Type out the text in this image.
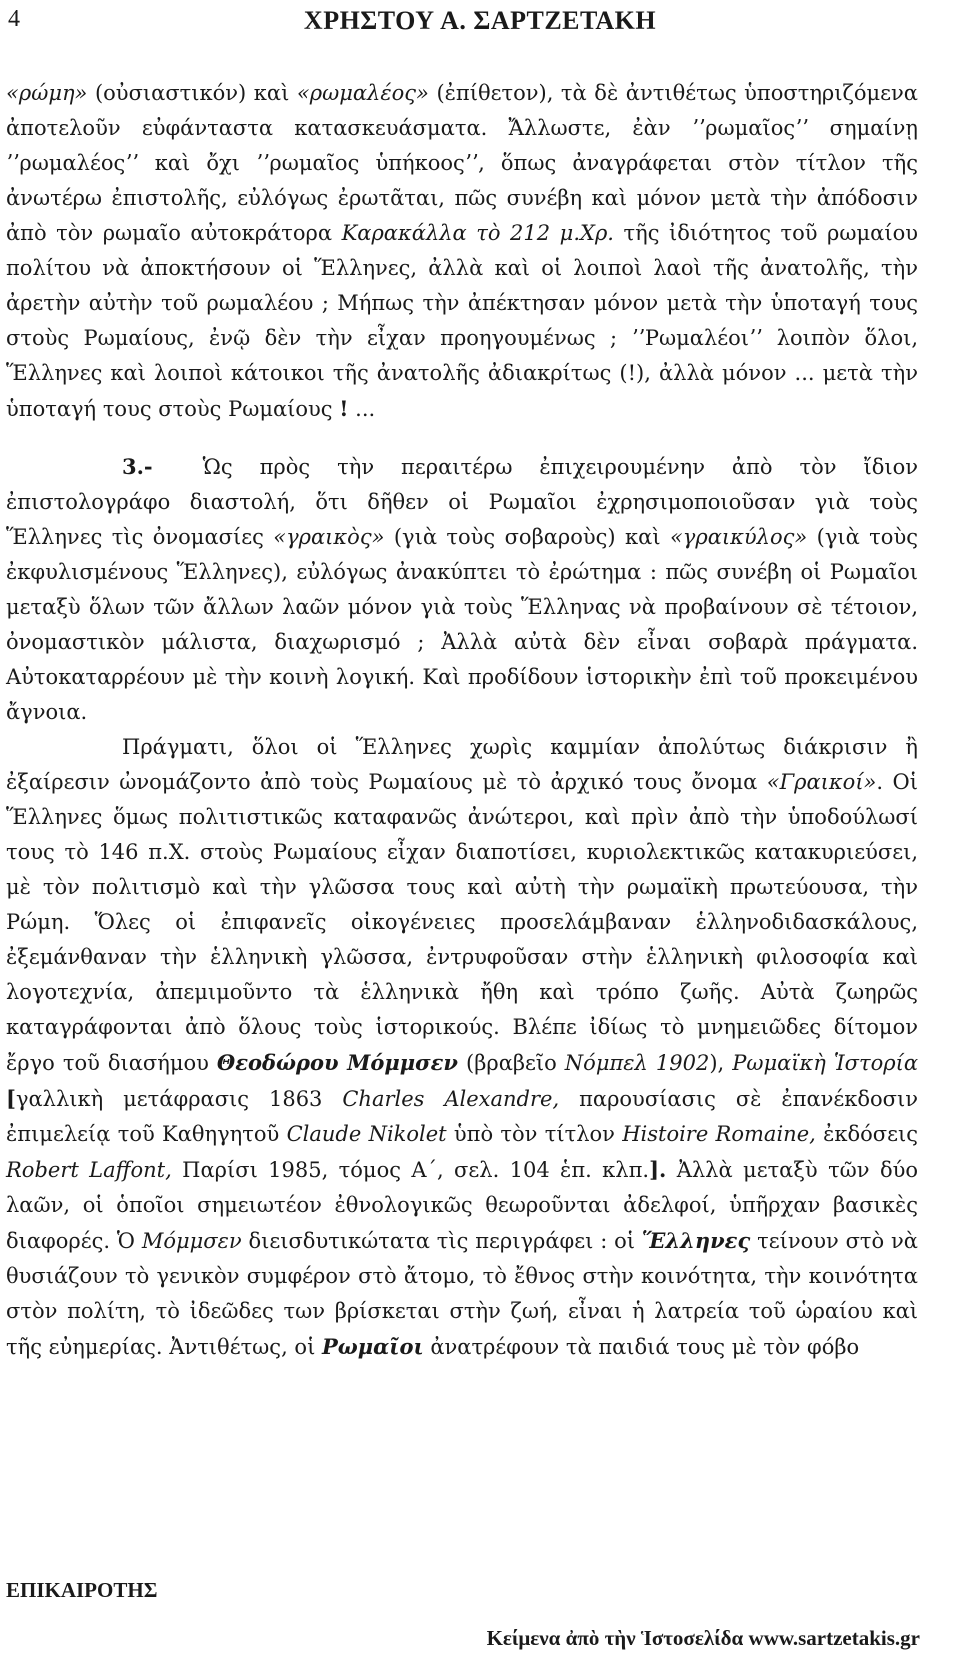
4	ΧΡΗΣΤΟΥ Α. ΣΑΡΤΖΕΤΑΚΗ

«ρώμη» (οὐσιαστικόν) καὶ «ρωμαλέος» (ἐπίθετον), τὰ δὲ ἀντιθέτως ὑποστηριζόμενα ἀποτελοῦν εὐφάνταστα κατασκευάσματα. Ἄλλωστε, ἐὰν ʼʼρωμαῖοςʼʼ σημαίνῃ ʼʼρωμαλέοςʼʼ καὶ ὄχι ʼʼρωμαῖος ὑπήκοοςʼʼ, ὅπως ἀναγράφεται στὸν τίτλον τῆς ἀνωτέρω ἐπιστολῆς, εὐλόγως ἐρωτᾶται, πῶς συνέβη καὶ μόνον μετὰ τὴν ἀπόδοσιν ἀπὸ τὸν ρωμαῖο αὐτοκράτορα Καρακάλλα τὸ 212 μ.Χρ. τῆς ἰδιότητος τοῦ ρωμαίου πολίτου νὰ ἀποκτήσουν οἱ Ἕλληνες, ἀλλὰ καὶ οἱ λοιποὶ λαοὶ τῆς ἀνατολῆς, τὴν ἀρετὴν αὐτὴν τοῦ ρωμαλέου ; Μήπως τὴν ἀπέκτησαν μόνον μετὰ τὴν ὑποταγή τους στοὺς Ρωμαίους, ἐνῷ δὲν τὴν εἶχαν προηγουμένως ; ʼʼΡωμαλέοιʼʼ λοιπὸν ὅλοι, Ἕλληνες καὶ λοιποὶ κάτοικοι τῆς ἀνατολῆς ἀδιακρίτως (!), ἀλλὰ μόνον ... μετὰ τὴν ὑποταγή τους στοὺς Ρωμαίους ! ...

3.- Ὡς πρὸς τὴν περαιτέρω ἐπιχειρουμένην ἀπὸ τὸν ἴδιον ἐπιστολογράφο διαστολή, ὅτι δῆθεν οἱ Ρωμαῖοι ἐχρησιμοποιοῦσαν γιὰ τοὺς Ἕλληνες τὶς ὀνομασίες «γραικὸς» (γιὰ τοὺς σοβαροὺς) καὶ «γραικύλος» (γιὰ τοὺς ἐκφυλισμένους Ἕλληνες), εὐλόγως ἀνακύπτει τὸ ἐρώτημα : πῶς συνέβη οἱ Ρωμαῖοι μεταξὺ ὅλων τῶν ἄλλων λαῶν μόνον γιὰ τοὺς Ἕλληνας νὰ προβαίνουν σὲ τέτοιον, ὀνομαστικὸν μάλιστα, διαχωρισμό ; Ἀλλὰ αὐτὰ δὲν εἶναι σοβαρὰ πράγματα. Αὐτοκαταρρέουν μὲ τὴν κοινὴ λογική. Καὶ προδίδουν ἱστορικὴν ἐπὶ τοῦ προκειμένου ἄγνοια.

Πράγματι, ὅλοι οἱ Ἕλληνες χωρὶς καμμίαν ἀπολύτως διάκρισιν ἢ ἐξαίρεσιν ὠνομάζοντο ἀπὸ τοὺς Ρωμαίους μὲ τὸ ἀρχικό τους ὄνομα «Γραικοί». Οἱ Ἕλληνες ὅμως πολιτιστικῶς καταφανῶς ἀνώτεροι, καὶ πρὶν ἀπὸ τὴν ὑποδούλωσί τους τὸ 146 π.Χ. στοὺς Ρωμαίους εἶχαν διαποτίσει, κυριολεκτικῶς κατακυριεύσει, μὲ τὸν πολιτισμὸ καὶ τὴν γλῶσσα τους καὶ αὐτὴ τὴν ρωμαϊκὴ πρωτεύουσα, τὴν Ρώμη. Ὅλες οἱ ἐπιφανεῖς οἰκογένειες προσελάμβαναν ἑλληνοδιδασκάλους, ἐξεμάνθαναν τὴν ἑλληνικὴ γλῶσσα, ἐντρυφοῦσαν στὴν ἑλληνικὴ φιλοσοφία καὶ λογοτεχνία, ἀπεμιμοῦντο τὰ ἑλληνικὰ ἤθη καὶ τρόπο ζωῆς. Αὐτὰ ζωηρῶς καταγράφονται ἀπὸ ὅλους τοὺς ἱστορικούς. Βλέπε ἰδίως τὸ μνημειῶδες δίτομον ἔργο τοῦ διασήμου Θεοδώρου Μόμμσεν (βραβεῖο Νόμπελ 1902), Ρωμαϊκὴ Ἱστορία [γαλλικὴ μετάφρασις 1863 Charles Alexandre, παρουσίασις σὲ ἐπανέκδοσιν ἐπιμελείᾳ τοῦ Καθηγητοῦ Claude Nikolet ὑπὸ τὸν τίτλον Histoire Romaine, ἐκδόσεις Robert Laffont, Παρίσι 1985, τόμος Α΄, σελ. 104 ἑπ. κλπ.]. Ἀλλὰ μεταξὺ τῶν δύο λαῶν, οἱ ὁποῖοι σημειωτέον ἐθνολογικῶς θεωροῦνται ἀδελφοί, ὑπῆρχαν βασικὲς διαφορές. Ὁ Μόμμσεν διεισδυτικώτατα τὶς περιγράφει : οἱ Ἕλληνες τείνουν στὸ νὰ θυσιάζουν τὸ γενικὸν συμφέρον στὸ ἄτομο, τὸ ἔθνος στὴν κοινότητα, τὴν κοινότητα στὸν πολίτη, τὸ ἰδεῶδες των βρίσκεται στὴν ζωή, εἶναι ἡ λατρεία τοῦ ὡραίου καὶ τῆς εὐημερίας. Ἀντιθέτως, οἱ Ρωμαῖοι ἀνατρέφουν τὰ παιδιά τους μὲ τὸν φόβο

ΕΠΙΚΑΙΡΟΤΗΣ
Κείμενα ἀπὸ τὴν Ἱστοσελίδα www.sartzetakis.gr
